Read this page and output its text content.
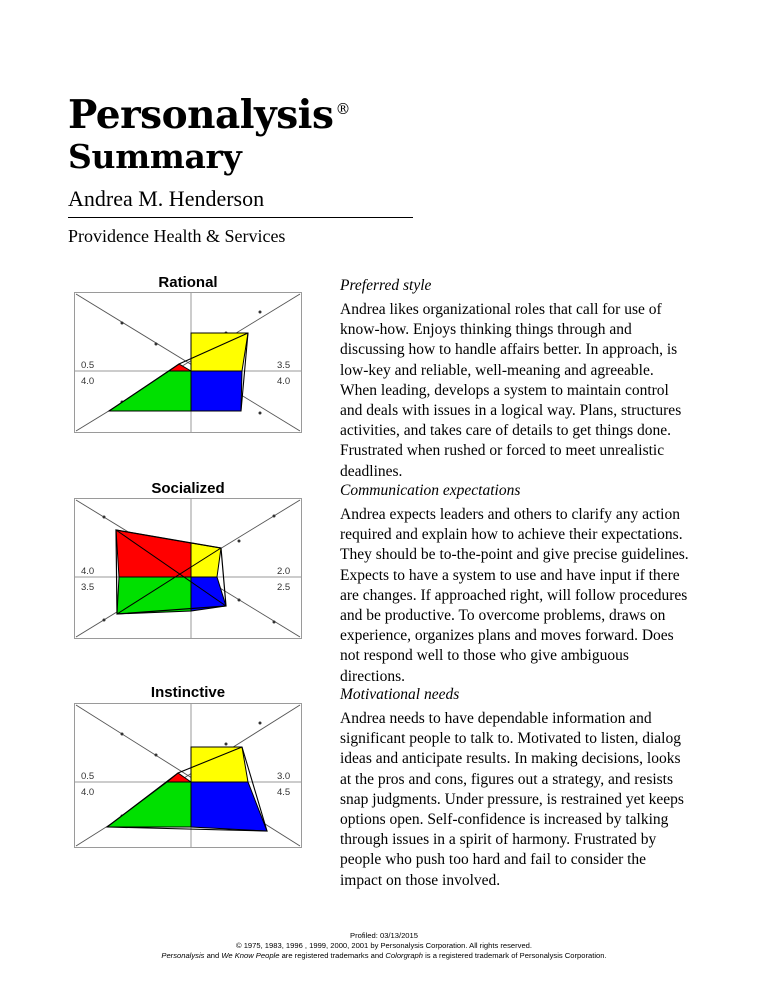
Personalysis ®
Summary
Andrea M. Henderson
Providence Health & Services
Rational
0.5
4.0
3.5
4.0

Preferred style

Andrea likes organizational roles that call for use of know-how. Enjoys thinking things through and discussing how to handle affairs better. In approach, is low-key and reliable, well-meaning and agreeable. When leading, develops a system to maintain control and deals with issues in a logical way. Plans, structures activities, and takes care of details to get things done. Frustrated when rushed or forced to meet unrealistic deadlines.

Socialized
4.0
3.5
2.0
2.5

Communication expectations

Andrea expects leaders and others to clarify any action required and explain how to achieve their expectations. They should be to-the-point and give precise guidelines. Expects to have a system to use and have input if there are changes. If approached right, will follow procedures and be productive. To overcome problems, draws on experience, organizes plans and moves forward. Does not respond well to those who give ambiguous directions.

Instinctive
0.5
4.0
3.0
4.5

Motivational needs

Andrea needs to have dependable information and significant people to talk to. Motivated to listen, dialog ideas and anticipate results. In making decisions, looks at the pros and cons, figures out a strategy, and resists snap judgments. Under pressure, is restrained yet keeps options open. Self-confidence is increased by talking through issues in a spirit of harmony. Frustrated by people who push too hard and fail to consider the impact on those involved.

Profiled: 03/13/2015
© 1975, 1983, 1996 , 1999, 2000, 2001 by Personalysis Corporation. All rights reserved.
Personalysis and We Know People are registered trademarks and Colorgraph is a registered trademark of Personalysis Corporation.
